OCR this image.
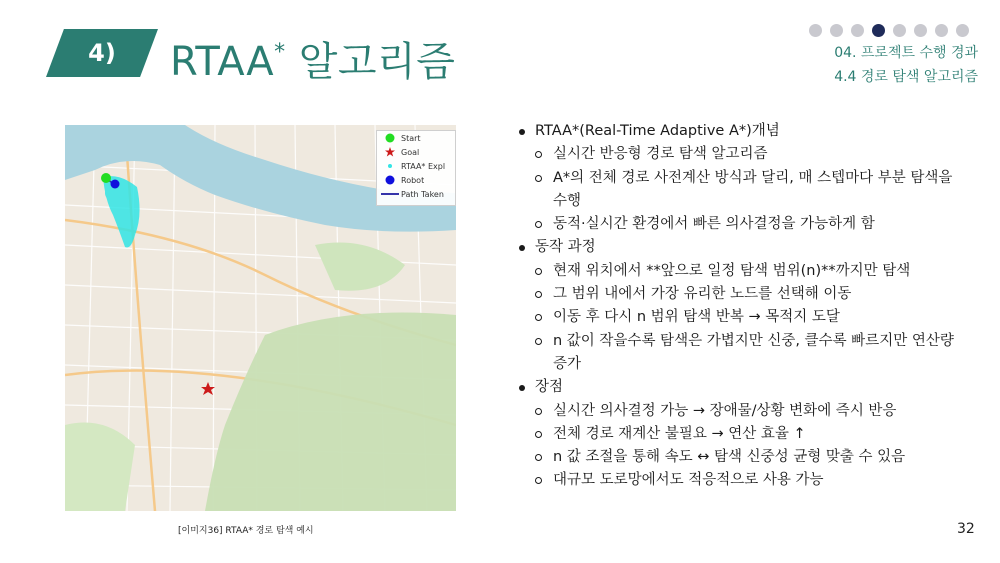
4)	RTAA* 알고리즘	04. 프로젝트 수행 경과
4.4 경로 탐색 알고리즘
Start
Goal
RTAA* Expl
Robot
Path Taken
[이미지36] RTAA* 경로 탐색 예시
RTAA*(Real-Time Adaptive A*)개념
실시간 반응형 경로 탐색 알고리즘
A*의 전체 경로 사전계산 방식과 달리, 매 스텝마다 부분 탐색을 수행
동적·실시간 환경에서 빠른 의사결정을 가능하게 함
동작 과정
현재 위치에서 **앞으로 일정 탐색 범위(n)**까지만 탐색
그 범위 내에서 가장 유리한 노드를 선택해 이동
이동 후 다시 n 범위 탐색 반복 → 목적지 도달
n 값이 작을수록 탐색은 가볍지만 신중, 클수록 빠르지만 연산량 증가
장점
실시간 의사결정 가능 → 장애물/상황 변화에 즉시 반응
전체 경로 재계산 불필요 → 연산 효율 ↑
n 값 조절을 통해 속도 ↔ 탐색 신중성 균형 맞출 수 있음
대규모 도로망에서도 적응적으로 사용 가능
32
